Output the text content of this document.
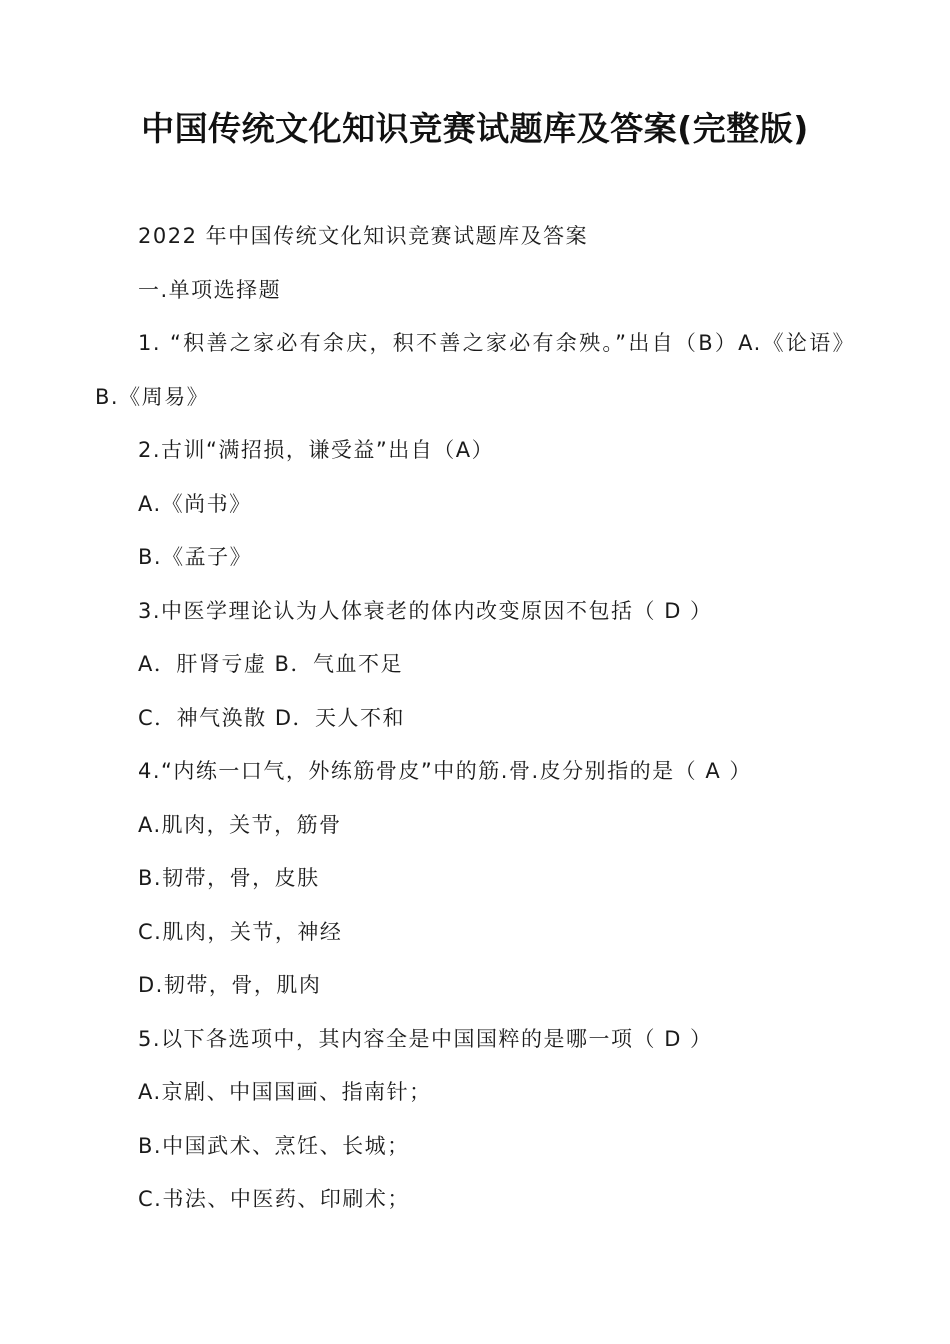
中国传统文化知识竞赛试题库及答案(完整版)
2022 年中国传统文化知识竞赛试题库及答案
一.单项选择题
1. “积善之家必有余庆，积不善之家必有余殃。”出自（B）A.《论语》 B.《周易》
2.古训“满招损，谦受益”出自（A）
A.《尚书》
B.《孟子》
3.中医学理论认为人体衰老的体内改变原因不包括（ D ）
A．肝肾亏虚 B．气血不足
C．神气涣散 D．天人不和
4.“内练一口气，外练筋骨皮”中的筋.骨.皮分别指的是（ A ）
A.肌肉，关节，筋骨
B.韧带，骨，皮肤
C.肌肉，关节，神经
D.韧带，骨，肌肉
5.以下各选项中，其内容全是中国国粹的是哪一项（ D ）
A.京剧、中国国画、指南针；
B.中国武术、烹饪、长城；
C.书法、中医药、印刷术；
